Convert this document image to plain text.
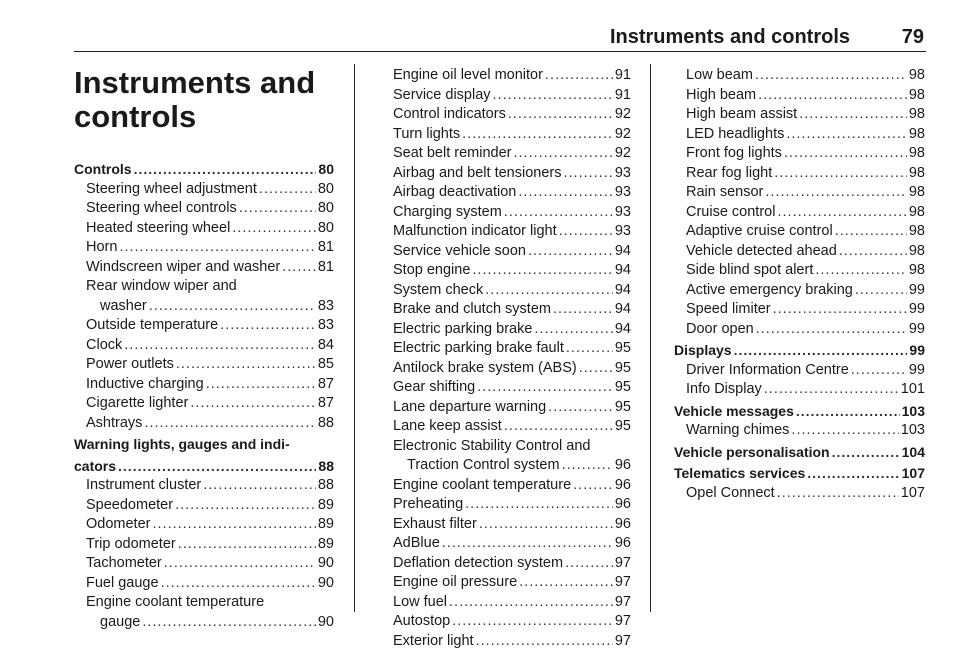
Instruments and controls	79
Instruments and
controls
Controls .....	80
Steering wheel adjustment .....	80
Steering wheel controls .....	80
Heated steering wheel .....	80
Horn .....	81
Windscreen wiper and washer .....	81
Rear window wiper and
washer .....	83
Outside temperature .....	83
Clock .....	84
Power outlets .....	85
Inductive charging .....	87
Cigarette lighter .....	87
Ashtrays .....	88
Warning lights, gauges and indi-
cators .....	88
Instrument cluster .....	88
Speedometer .....	89
Odometer .....	89
Trip odometer .....	89
Tachometer .....	90
Fuel gauge .....	90
Engine coolant temperature
gauge .....	90
Engine oil level monitor .....	91
Service display .....	91
Control indicators .....	92
Turn lights .....	92
Seat belt reminder .....	92
Airbag and belt tensioners .....	93
Airbag deactivation .....	93
Charging system .....	93
Malfunction indicator light .....	93
Service vehicle soon .....	94
Stop engine .....	94
System check .....	94
Brake and clutch system .....	94
Electric parking brake .....	94
Electric parking brake fault .....	95
Antilock brake system (ABS) .....	95
Gear shifting .....	95
Lane departure warning .....	95
Lane keep assist .....	95
Electronic Stability Control and
Traction Control system .....	96
Engine coolant temperature .....	96
Preheating .....	96
Exhaust filter .....	96
AdBlue .....	96
Deflation detection system .....	97
Engine oil pressure .....	97
Low fuel .....	97
Autostop .....	97
Exterior light .....	97
Low beam .....	98
High beam .....	98
High beam assist .....	98
LED headlights .....	98
Front fog lights .....	98
Rear fog light .....	98
Rain sensor .....	98
Cruise control .....	98
Adaptive cruise control .....	98
Vehicle detected ahead .....	98
Side blind spot alert .....	98
Active emergency braking .....	99
Speed limiter .....	99
Door open .....	99
Displays .....	99
Driver Information Centre .....	99
Info Display .....	101
Vehicle messages .....	103
Warning chimes .....	103
Vehicle personalisation .....	104
Telematics services .....	107
Opel Connect .....	107
